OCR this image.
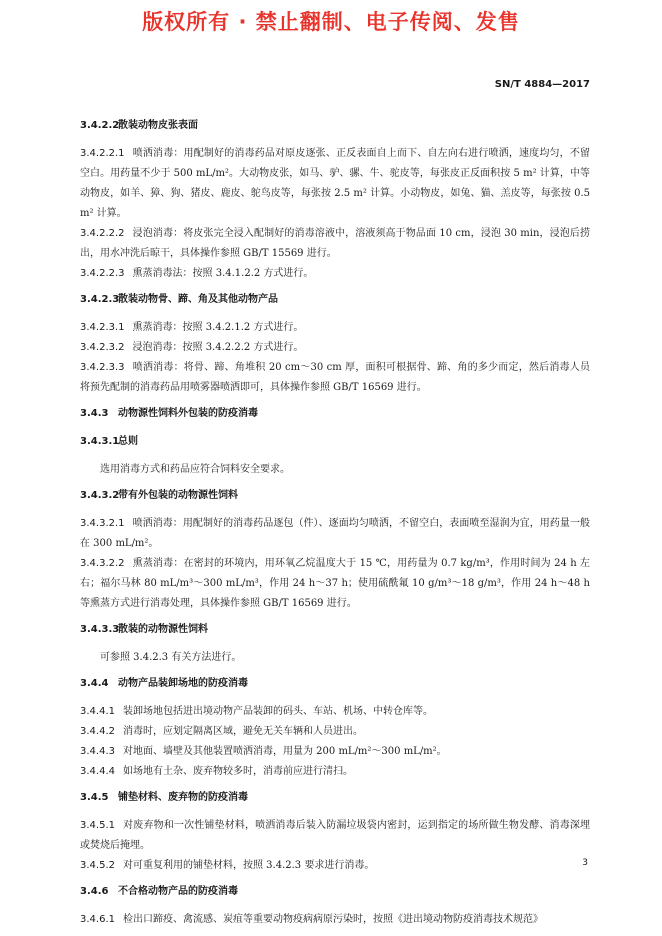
版权所有 · 禁止翻制、电子传阅、发售
SN/T 4884—2017
3.4.2.2散装动物皮张表面
3.4.2.2.1 喷洒消毒：用配制好的消毒药品对原皮逐张、正反表面自上而下、自左向右进行喷洒，速度均匀，不留空白。用药量不少于 500 mL/m²。大动物皮张，如马、驴、骡、牛、驼皮等，每张皮正反面积按 5 m² 计算，中等动物皮，如羊、獐、狗、猪皮、鹿皮、鸵鸟皮等，每张按 2.5 m² 计算。小动物皮，如兔、猫、羔皮等，每张按 0.5 m² 计算。
3.4.2.2.2 浸泡消毒：将皮张完全浸入配制好的消毒溶液中，溶液须高于物品面 10 cm，浸泡 30 min，浸泡后捞出，用水冲洗后晾干，具体操作参照 GB/T 15569 进行。
3.4.2.2.3 熏蒸消毒法：按照 3.4.1.2.2 方式进行。
3.4.2.3散装动物骨、蹄、角及其他动物产品
3.4.2.3.1 熏蒸消毒：按照 3.4.2.1.2 方式进行。
3.4.2.3.2 浸泡消毒：按照 3.4.2.2.2 方式进行。
3.4.2.3.3 喷洒消毒：将骨、蹄、角堆积 20 cm～30 cm 厚，面积可根据骨、蹄、角的多少而定，然后消毒人员将预先配制的消毒药品用喷雾器喷洒即可，具体操作参照 GB/T 16569 进行。
3.4.3 动物源性饲料外包装的防疫消毒
3.4.3.1总则
选用消毒方式和药品应符合饲料安全要求。
3.4.3.2带有外包装的动物源性饲料
3.4.3.2.1 喷洒消毒：用配制好的消毒药品逐包（件）、逐面均匀喷洒，不留空白，表面喷至湿润为宜，用药量一般在 300 mL/m²。
3.4.3.2.2 熏蒸消毒：在密封的环境内，用环氧乙烷温度大于 15 ℃，用药量为 0.7 kg/m³，作用时间为 24 h 左右；福尔马林 80 mL/m³～300 mL/m³，作用 24 h～37 h；使用硫酰氟 10 g/m³～18 g/m³，作用 24 h～48 h 等熏蒸方式进行消毒处理，具体操作参照 GB/T 16569 进行。
3.4.3.3散装的动物源性饲料
可参照 3.4.2.3 有关方法进行。
3.4.4 动物产品装卸场地的防疫消毒
3.4.4.1 装卸场地包括进出境动物产品装卸的码头、车站、机场、中转仓库等。
3.4.4.2 消毒时，应划定隔离区域，避免无关车辆和人员进出。
3.4.4.3 对地面、墙壁及其他装置喷洒消毒，用量为 200 mL/m²～300 mL/m²。
3.4.4.4 如场地有土杂、废弃物较多时，消毒前应进行清扫。
3.4.5 铺垫材料、废弃物的防疫消毒
3.4.5.1 对废弃物和一次性铺垫材料，喷洒消毒后装入防漏垃圾袋内密封，运到指定的场所做生物发酵、消毒深埋或焚烧后掩埋。
3.4.5.2 对可重复利用的铺垫材料，按照 3.4.2.3 要求进行消毒。
3.4.6 不合格动物产品的防疫消毒
3.4.6.1 检出口蹄疫、禽流感、炭疽等重要动物疫病病原污染时，按照《进出境动物防疫消毒技术规范》
3
